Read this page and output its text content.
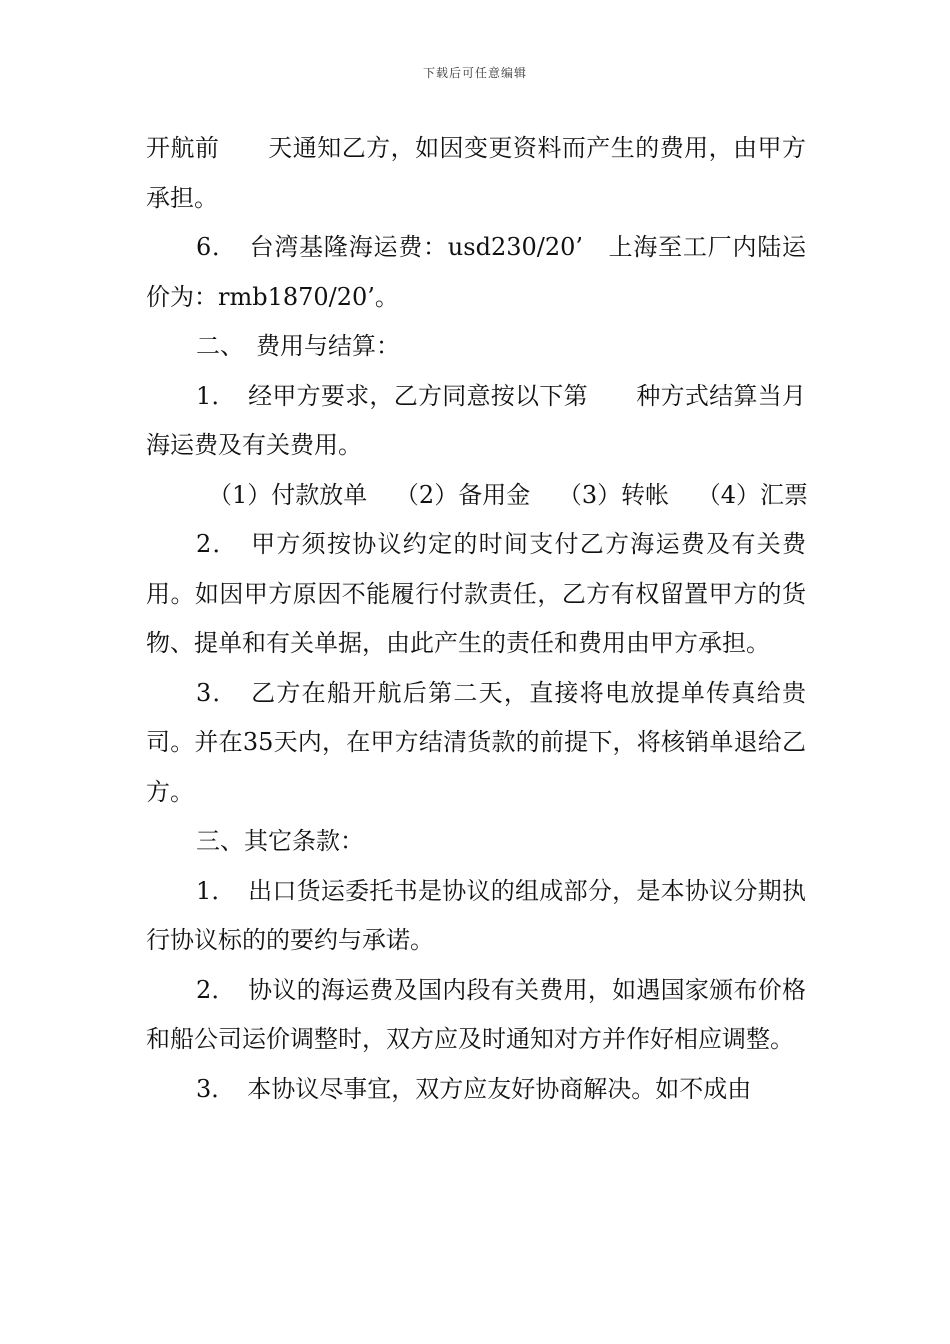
下载后可任意编辑

开航前　　天通知乙方，如因变更资料而产生的费用，由甲方承担。

6．　台湾基隆海运费：usd230/20’　上海至工厂内陆运价为：rmb1870/20’。

二、　费用与结算：

1．　经甲方要求，乙方同意按以下第　　种方式结算当月海运费及有关费用。

（1）付款放单 （2）备用金 （3）转帐 （4）汇票

2．　甲方须按协议约定的时间支付乙方海运费及有关费用。如因甲方原因不能履行付款责任，乙方有权留置甲方的货物、提单和有关单据，由此产生的责任和费用由甲方承担。

3．　乙方在船开航后第二天，直接将电放提单传真给贵司。并在35天内，在甲方结清货款的前提下，将核销单退给乙方。

三、其它条款：

1．　出口货运委托书是协议的组成部分，是本协议分期执行协议标的的要约与承诺。

2．　协议的海运费及国内段有关费用，如遇国家颁布价格和船公司运价调整时，双方应及时通知对方并作好相应调整。

3．　本协议尽事宜，双方应友好协商解决。如不成由
